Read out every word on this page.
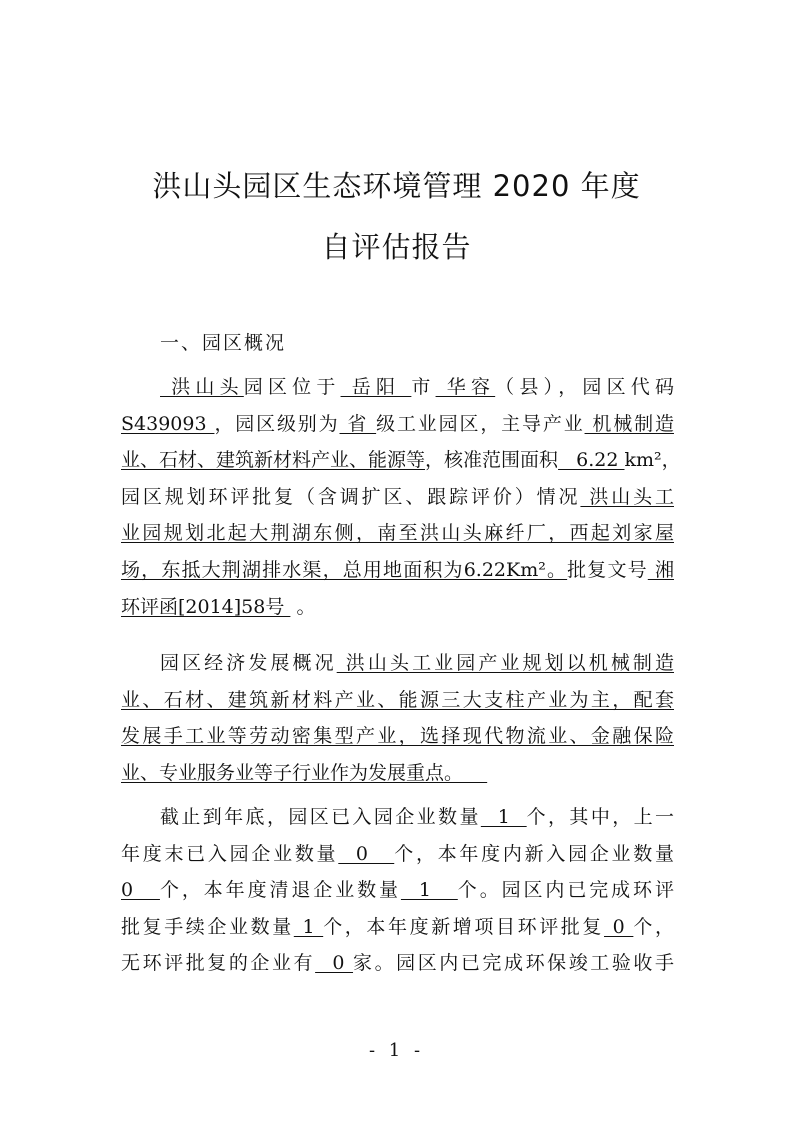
洪山头园区生态环境管理 2020 年度
自评估报告
一、园区概况
洪山头园区位于 岳阳 市 华容（县），园区代码
S439093 ，园区级别为 省 级工业园区，主导产业 机械制造
业、石材、建筑新材料产业、能源等，核准范围面积   6.22 km²，
园区规划环评批复（含调扩区、跟踪评价）情况 洪山头工
业园规划北起大荆湖东侧，南至洪山头麻纤厂，西起刘家屋
场，东抵大荆湖排水渠，总用地面积为6.22Km²。批复文号 湘
环评函[2014]58号  。
园区经济发展概况 洪山头工业园产业规划以机械制造
业、石材、建筑新材料产业、能源三大支柱产业为主，配套
发展手工业等劳动密集型产业，选择现代物流业、金融保险
业、专业服务业等子行业作为发展重点。
截止到年底，园区已入园企业数量  1  个，其中，上一
年度末已入园企业数量  0   个，本年度内新入园企业数量
0   个，本年度清退企业数量  1   个。园区内已完成环评
批复手续企业数量 1 个，本年度新增项目环评批复 0 个，
无环评批复的企业有  0 家。园区内已完成环保竣工验收手
- 1 -
